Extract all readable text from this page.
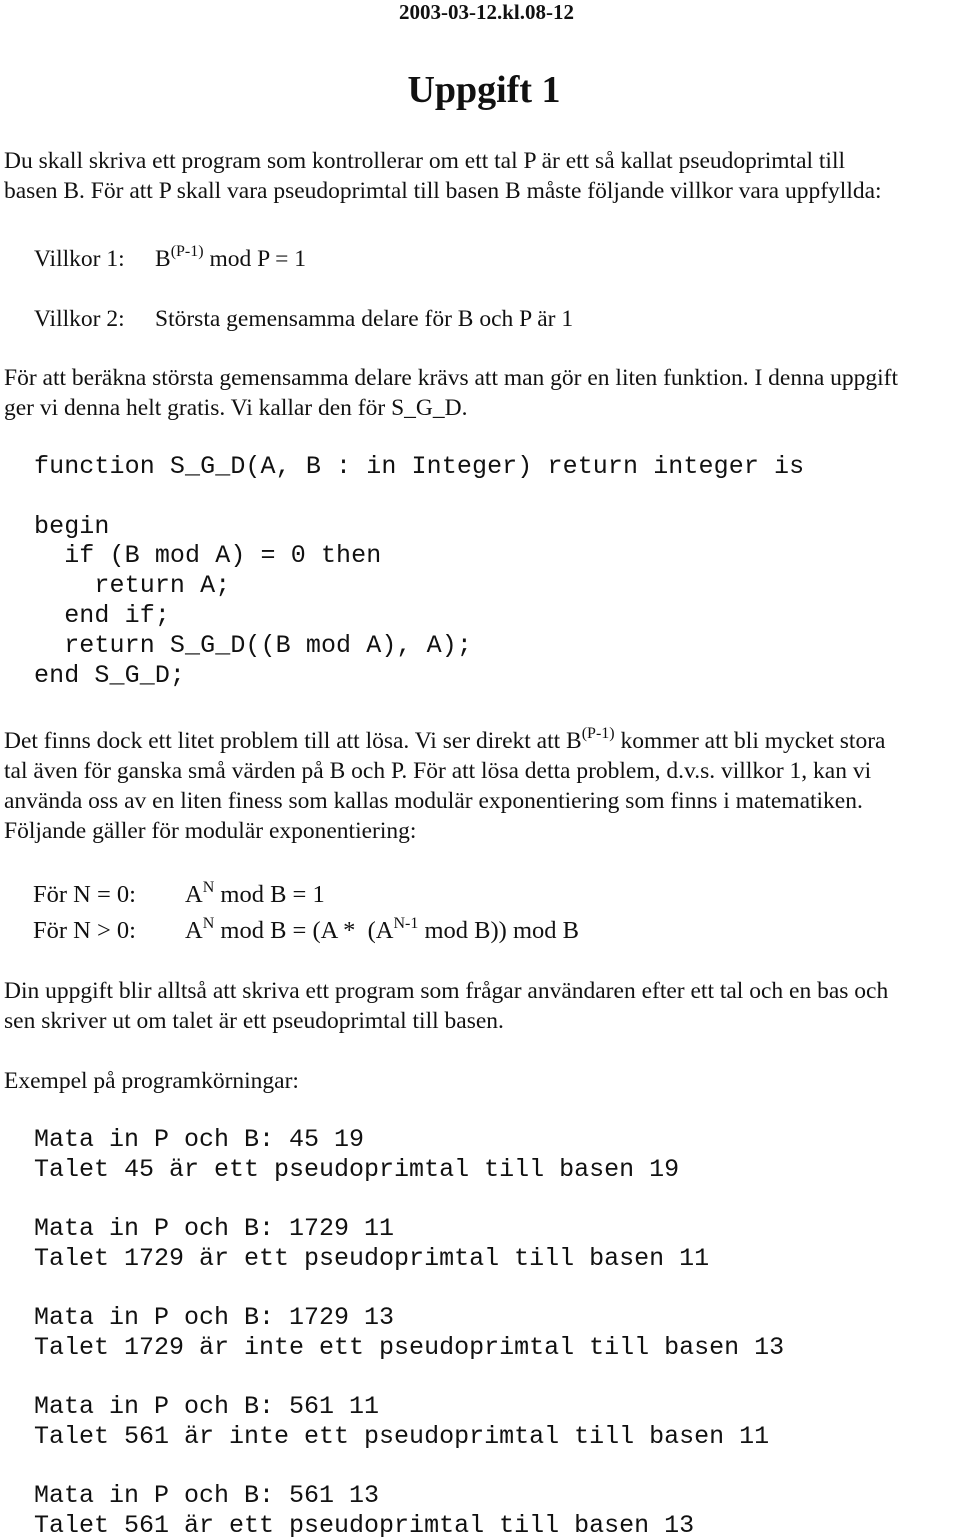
2003-03-12.kl.08-12
Uppgift 1
Du skall skriva ett program som kontrollerar om ett tal P är ett så kallat pseudoprimtal till
basen B. För att P skall vara pseudoprimtal till basen B måste följande villkor vara uppfyllda:
Villkor 1: $B^{(P-1)}$ mod P = 1
Villkor 2: Största gemensamma delare för B och P är 1
För att beräkna största gemensamma delare krävs att man gör en liten funktion. I denna uppgift
ger vi denna helt gratis. Vi kallar den för S_G_D.
function S_G_D(A, B : in Integer) return integer is

begin
if (B mod A) = 0 then
return A;
end if;
return S_G_D((B mod A), A);
end S_G_D;
Det finns dock ett litet problem till att lösa. Vi ser direkt att $B^{(P-1)}$ kommer att bli mycket stora
tal även för ganska små värden på B och P. För att lösa detta problem, d.v.s. villkor 1, kan vi
använda oss av en liten finess som kallas modulär exponentiering som finns i matematiken.
Följande gäller för modulär exponentiering:
För N = 0: $A^N$ mod B = 1
För N > 0: $A^N$ mod $B = (A * (A^{N-1}$ mod B)) mod B
Din uppgift blir alltså att skriva ett program som frågar användaren efter ett tal och en bas och
sen skriver ut om talet är ett pseudoprimtal till basen.
Exempel på programkörningar:
Mata in P och B: 45 19
Talet 45 är ett pseudoprimtal till basen 19
Mata in P och B: 1729 11
Talet 1729 är ett pseudoprimtal till basen 11
Mata in P och B: 1729 13
Talet 1729 är inte ett pseudoprimtal till basen 13
Mata in P och B: 561 11
Talet 561 är inte ett pseudoprimtal till basen 11
Mata in P och B: 561 13
Talet 561 är ett pseudoprimtal till basen 13
